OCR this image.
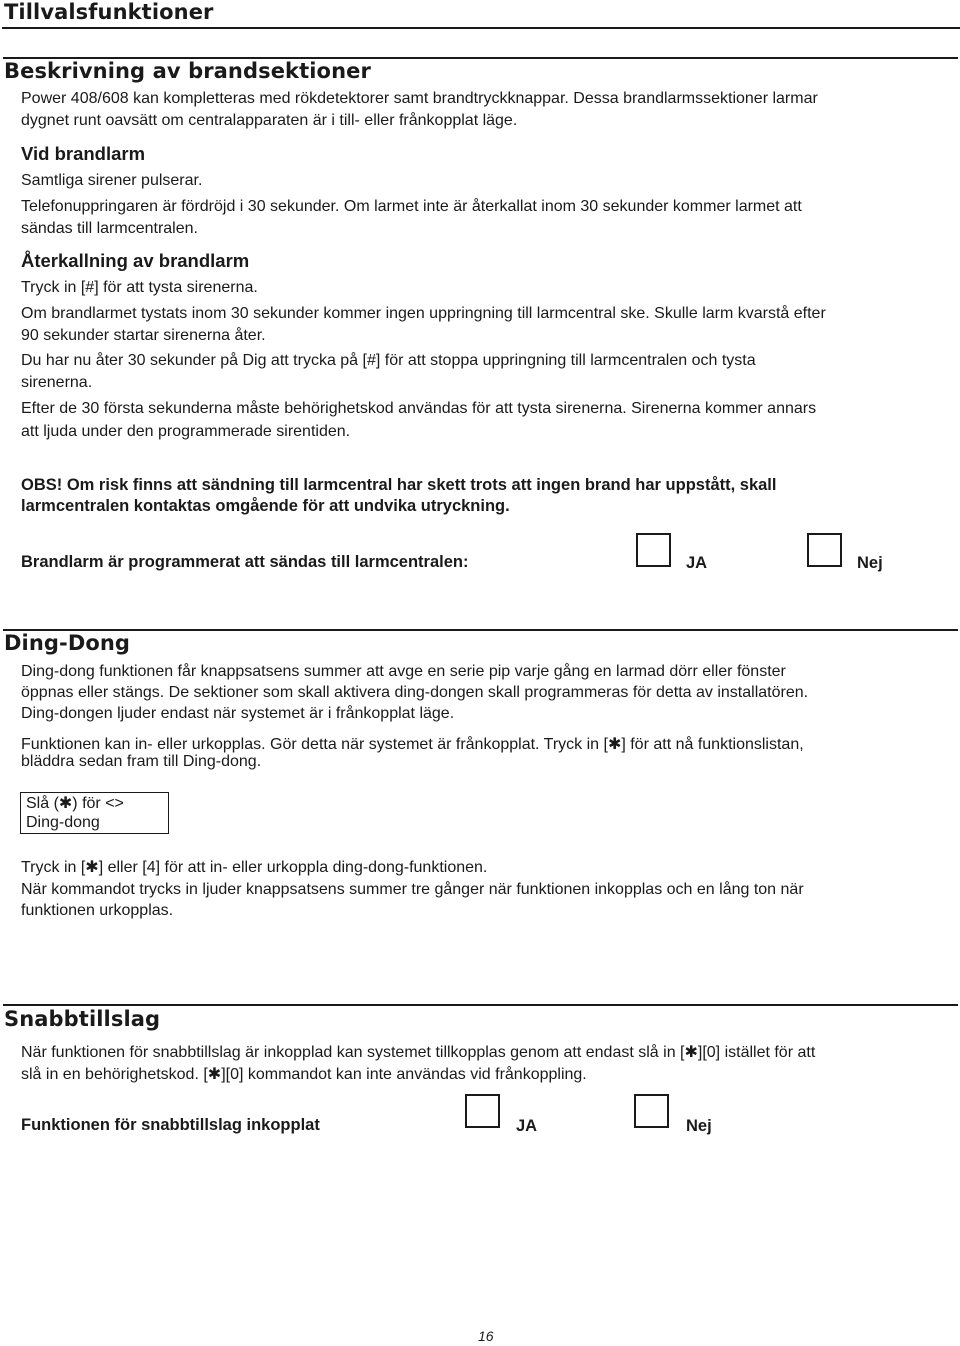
Tillvalsfunktioner
Beskrivning av brandsektioner
Power 408/608 kan kompletteras med rökdetektorer samt brandtryckknappar. Dessa brandlarmssektioner larmar
dygnet runt oavsätt om centralapparaten är i till- eller frånkopplat läge.
Vid brandlarm
Samtliga sirener pulserar.
Telefonuppringaren är fördröjd i 30 sekunder. Om larmet inte är återkallat inom 30 sekunder kommer larmet att
sändas till larmcentralen.
Återkallning av brandlarm
Tryck in [#] för att tysta sirenerna.
Om brandlarmet tystats inom 30 sekunder kommer ingen uppringning till larmcentral ske. Skulle larm kvarstå efter
90 sekunder startar sirenerna åter.
Du har nu åter 30 sekunder på Dig att trycka på [#] för att stoppa uppringning till larmcentralen och tysta
sirenerna.
Efter de 30 första sekunderna måste behörighetskod användas för att tysta sirenerna. Sirenerna kommer annars
att ljuda under den programmerade sirentiden.
OBS! Om risk finns att sändning till larmcentral har skett trots att ingen brand har uppstått, skall
larmcentralen kontaktas omgående för att undvika utryckning.
Brandlarm är programmerat att sändas till larmcentralen:	JA	Nej
Ding-Dong
Ding-dong funktionen får knappsatsens summer att avge en serie pip varje gång en larmad dörr eller fönster
öppnas eller stängs. De sektioner som skall aktivera ding-dongen skall programmeras för detta av installatören.
Ding-dongen ljuder endast när systemet är i frånkopplat läge.
Funktionen kan in- eller urkopplas. Gör detta när systemet är frånkopplat. Tryck in [✱] för att nå funktionslistan,
bläddra sedan fram till Ding-dong.
Slå (✱) för <>
Ding-dong
Tryck in [✱] eller [4] för att in- eller urkoppla ding-dong-funktionen.
När kommandot trycks in ljuder knappsatsens summer tre gånger när funktionen inkopplas och en lång ton när
funktionen urkopplas.
Snabbtillslag
När funktionen för snabbtillslag är inkopplad kan systemet tillkopplas genom att endast slå in [✱][0] istället för att
slå in en behörighetskod. [✱][0] kommandot kan inte användas vid frånkoppling.
Funktionen för snabbtillslag inkopplat	JA	Nej
16
